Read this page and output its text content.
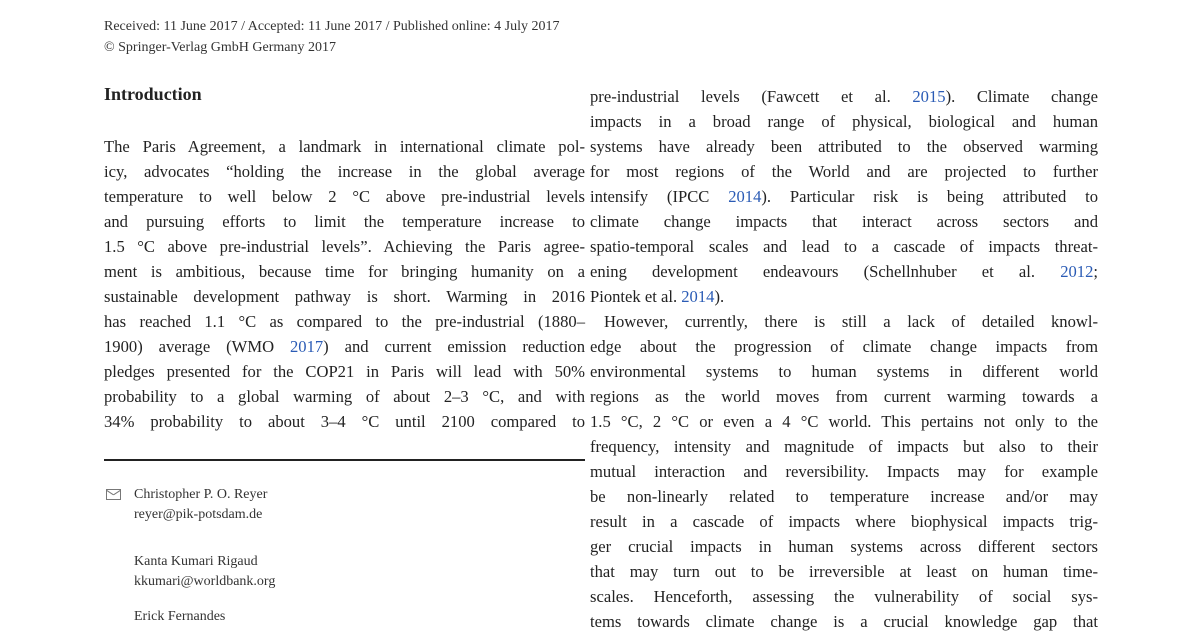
Received: 11 June 2017 / Accepted: 11 June 2017 / Published online: 4 July 2017
© Springer-Verlag GmbH Germany 2017
Introduction
The Paris Agreement, a landmark in international climate pol-
icy, advocates “holding the increase in the global average
temperature to well below 2 °C above pre-industrial levels
and pursuing efforts to limit the temperature increase to
1.5 °C above pre-industrial levels”. Achieving the Paris agree-
ment is ambitious, because time for bringing humanity on a
sustainable development pathway is short. Warming in 2016
has reached 1.1 °C as compared to the pre-industrial (1880–
1900) average (WMO 2017) and current emission reduction
pledges presented for the COP21 in Paris will lead with 50%
probability to a global warming of about 2–3 °C, and with
34% probability to about 3–4 °C until 2100 compared to
pre-industrial levels (Fawcett et al. 2015). Climate change
impacts in a broad range of physical, biological and human
systems have already been attributed to the observed warming
for most regions of the World and are projected to further
intensify (IPCC 2014). Particular risk is being attributed to
climate change impacts that interact across sectors and
spatio-temporal scales and lead to a cascade of impacts threat-
ening development endeavours (Schellnhuber et al. 2012;
Piontek et al. 2014).
However, currently, there is still a lack of detailed knowl-
edge about the progression of climate change impacts from
environmental systems to human systems in different world
regions as the world moves from current warming towards a
1.5 °C, 2 °C or even a 4 °C world. This pertains not only to the
frequency, intensity and magnitude of impacts but also to their
mutual interaction and reversibility. Impacts may for example
be non-linearly related to temperature increase and/or may
result in a cascade of impacts where biophysical impacts trig-
ger crucial impacts in human systems across different sectors
that may turn out to be irreversible at least on human time-
scales. Henceforth, assessing the vulnerability of social sys-
tems towards climate change is a crucial knowledge gap that
Christopher P. O. Reyer
reyer@pik-potsdam.de
Kanta Kumari Rigaud
kkumari@worldbank.org
Erick Fernandes
